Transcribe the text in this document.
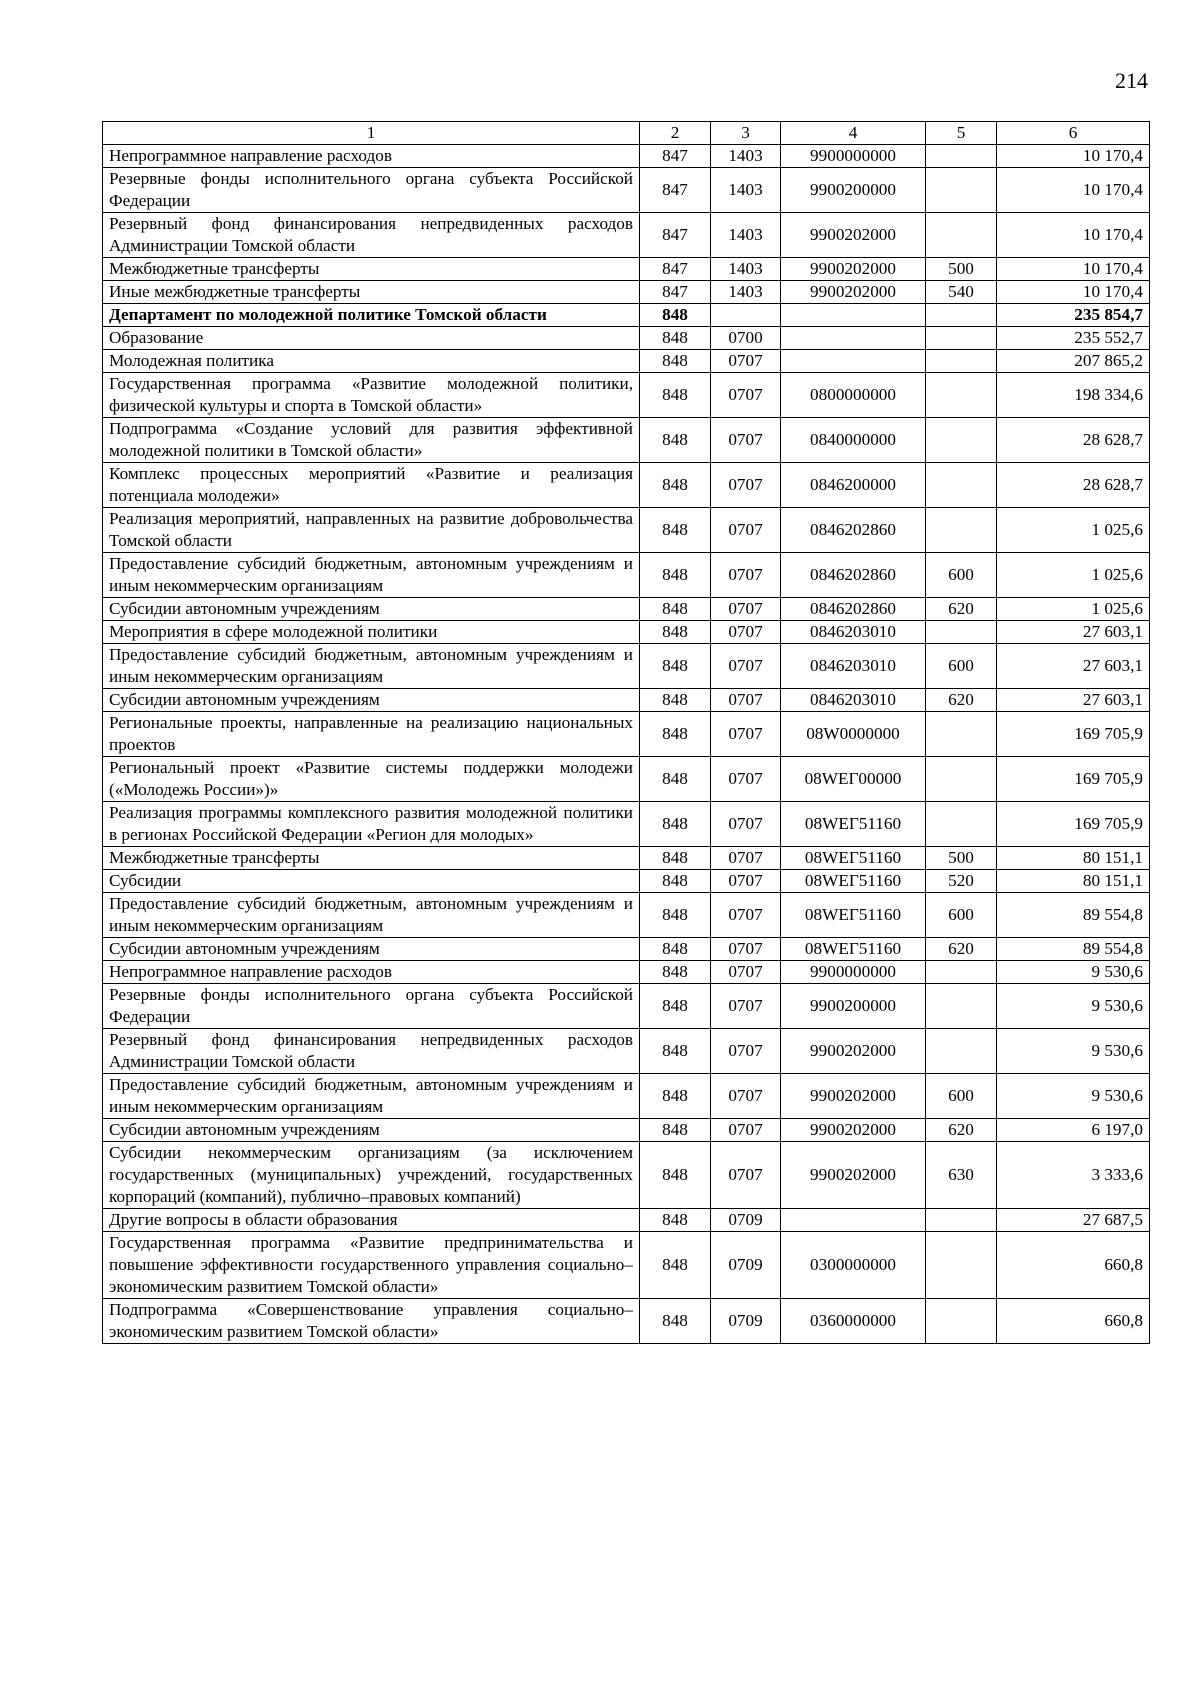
214
1	2	3	4	5	6
Непрограммное направление расходов	847	1403	9900000000		10 170,4
Резервные фонды исполнительного органа субъекта Российской Федерации	847	1403	9900200000		10 170,4
Резервный фонд финансирования непредвиденных расходов Администрации Томской области	847	1403	9900202000		10 170,4
Межбюджетные трансферты	847	1403	9900202000	500	10 170,4
Иные межбюджетные трансферты	847	1403	9900202000	540	10 170,4
Департамент по молодежной политике Томской области	848				235 854,7
Образование	848	0700			235 552,7
Молодежная политика	848	0707			207 865,2
Государственная программа «Развитие молодежной политики, физической культуры и спорта в Томской области»	848	0707	0800000000		198 334,6
Подпрограмма «Создание условий для развития эффективной молодежной политики в Томской области»	848	0707	0840000000		28 628,7
Комплекс процессных мероприятий «Развитие и реализация потенциала молодежи»	848	0707	0846200000		28 628,7
Реализация мероприятий, направленных на развитие добровольчества Томской области	848	0707	0846202860		1 025,6
Предоставление субсидий бюджетным, автономным учреждениям и иным некоммерческим организациям	848	0707	0846202860	600	1 025,6
Субсидии автономным учреждениям	848	0707	0846202860	620	1 025,6
Мероприятия в сфере молодежной политики	848	0707	0846203010		27 603,1
Предоставление субсидий бюджетным, автономным учреждениям и иным некоммерческим организациям	848	0707	0846203010	600	27 603,1
Субсидии автономным учреждениям	848	0707	0846203010	620	27 603,1
Региональные проекты, направленные на реализацию национальных проектов	848	0707	08W0000000		169 705,9
Региональный проект «Развитие системы поддержки молодежи («Молодежь России»)»	848	0707	08WEГ00000		169 705,9
Реализация программы комплексного развития молодежной политики в регионах Российской Федерации «Регион для молодых»	848	0707	08WEГ51160		169 705,9
Межбюджетные трансферты	848	0707	08WEГ51160	500	80 151,1
Субсидии	848	0707	08WEГ51160	520	80 151,1
Предоставление субсидий бюджетным, автономным учреждениям и иным некоммерческим организациям	848	0707	08WEГ51160	600	89 554,8
Субсидии автономным учреждениям	848	0707	08WEГ51160	620	89 554,8
Непрограммное направление расходов	848	0707	9900000000		9 530,6
Резервные фонды исполнительного органа субъекта Российской Федерации	848	0707	9900200000		9 530,6
Резервный фонд финансирования непредвиденных расходов Администрации Томской области	848	0707	9900202000		9 530,6
Предоставление субсидий бюджетным, автономным учреждениям и иным некоммерческим организациям	848	0707	9900202000	600	9 530,6
Субсидии автономным учреждениям	848	0707	9900202000	620	6 197,0
Субсидии некоммерческим организациям (за исключением государственных (муниципальных) учреждений, государственных корпораций (компаний), публично–правовых компаний)	848	0707	9900202000	630	3 333,6
Другие вопросы в области образования	848	0709			27 687,5
Государственная программа «Развитие предпринимательства и повышение эффективности государственного управления социально–экономическим развитием Томской области»	848	0709	0300000000		660,8
Подпрограмма «Совершенствование управления социально–экономическим развитием Томской области»	848	0709	0360000000		660,8
